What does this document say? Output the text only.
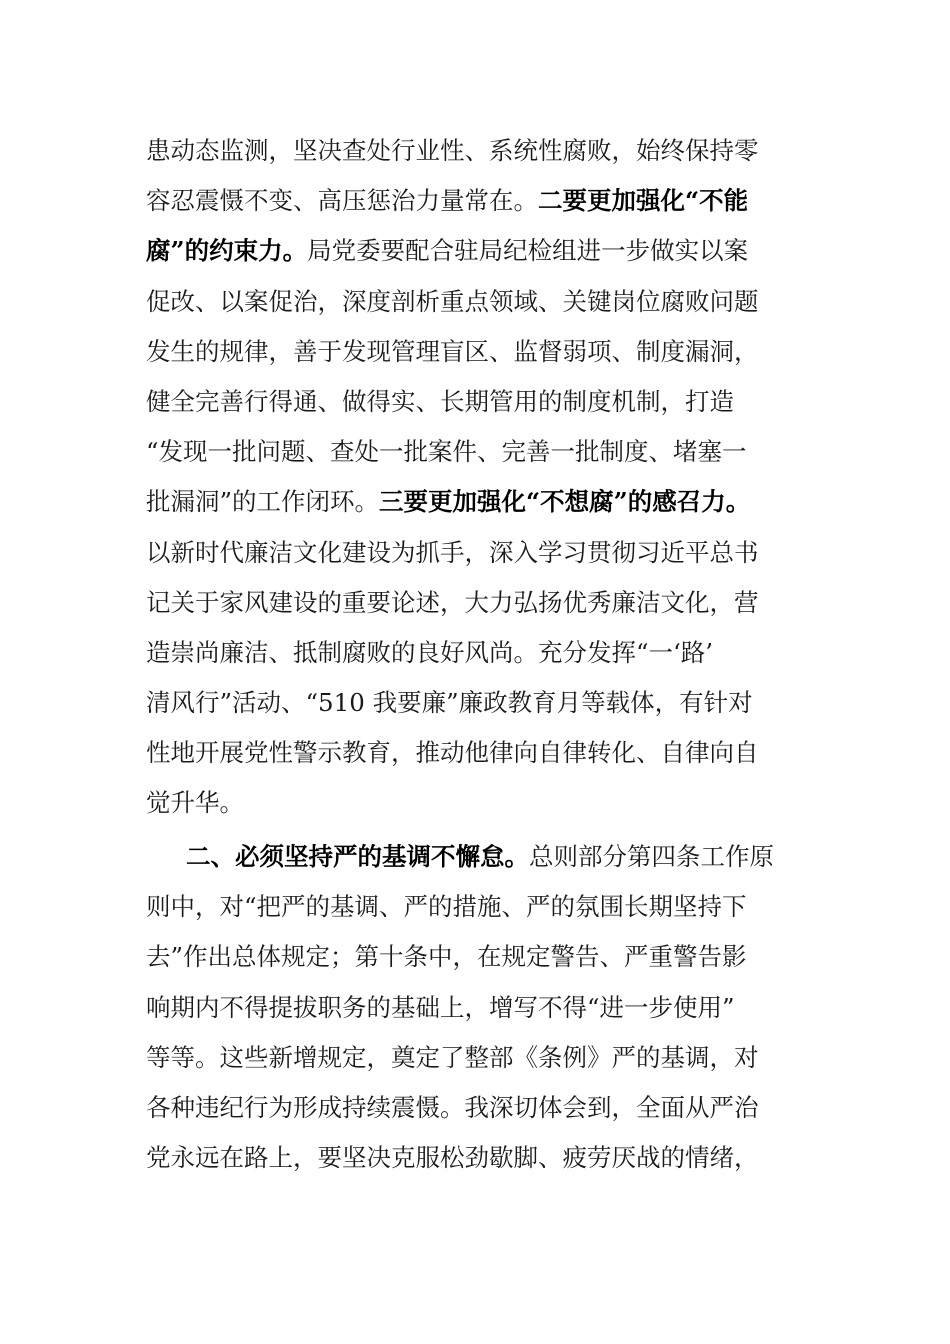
患动态监测，坚决查处行业性、系统性腐败，始终保持零
容忍震慑不变、高压惩治力量常在。二要更加强化“不能
腐”的约束力。局党委要配合驻局纪检组进一步做实以案
促改、以案促治，深度剖析重点领域、关键岗位腐败问题
发生的规律，善于发现管理盲区、监督弱项、制度漏洞，
健全完善行得通、做得实、长期管用的制度机制，打造
“发现一批问题、查处一批案件、完善一批制度、堵塞一
批漏洞”的工作闭环。三要更加强化“不想腐”的感召力。
以新时代廉洁文化建设为抓手，深入学习贯彻习近平总书
记关于家风建设的重要论述，大力弘扬优秀廉洁文化，营
造崇尚廉洁、抵制腐败的良好风尚。充分发挥“一‘路’
清风行”活动、“510 我要廉”廉政教育月等载体，有针对
性地开展党性警示教育，推动他律向自律转化、自律向自
觉升华。
二、必须坚持严的基调不懈怠。总则部分第四条工作原
则中，对“把严的基调、严的措施、严的氛围长期坚持下
去”作出总体规定；第十条中，在规定警告、严重警告影
响期内不得提拔职务的基础上，增写不得“进一步使用”
等等。这些新增规定，奠定了整部《条例》严的基调，对
各种违纪行为形成持续震慑。我深切体会到，全面从严治
党永远在路上，要坚决克服松劲歇脚、疲劳厌战的情绪，
